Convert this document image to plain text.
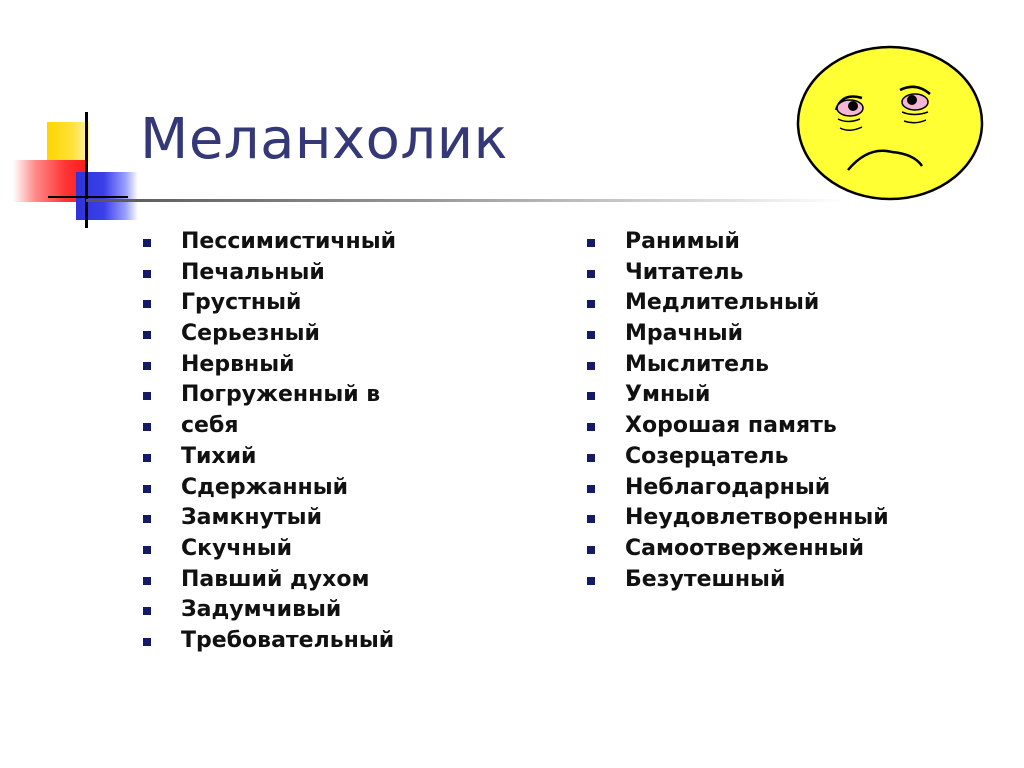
Меланхолик
Пессимистичный
Печальный
Грустный
Серьезный
Нервный
Погруженный в
себя
Тихий
Сдержанный
Замкнутый
Скучный
Павший духом
Задумчивый
Требовательный
Ранимый
Читатель
Медлительный
Мрачный
Мыслитель
Умный
Хорошая память
Созерцатель
Неблагодарный
Неудовлетворенный
Самоотверженный
Безутешный
